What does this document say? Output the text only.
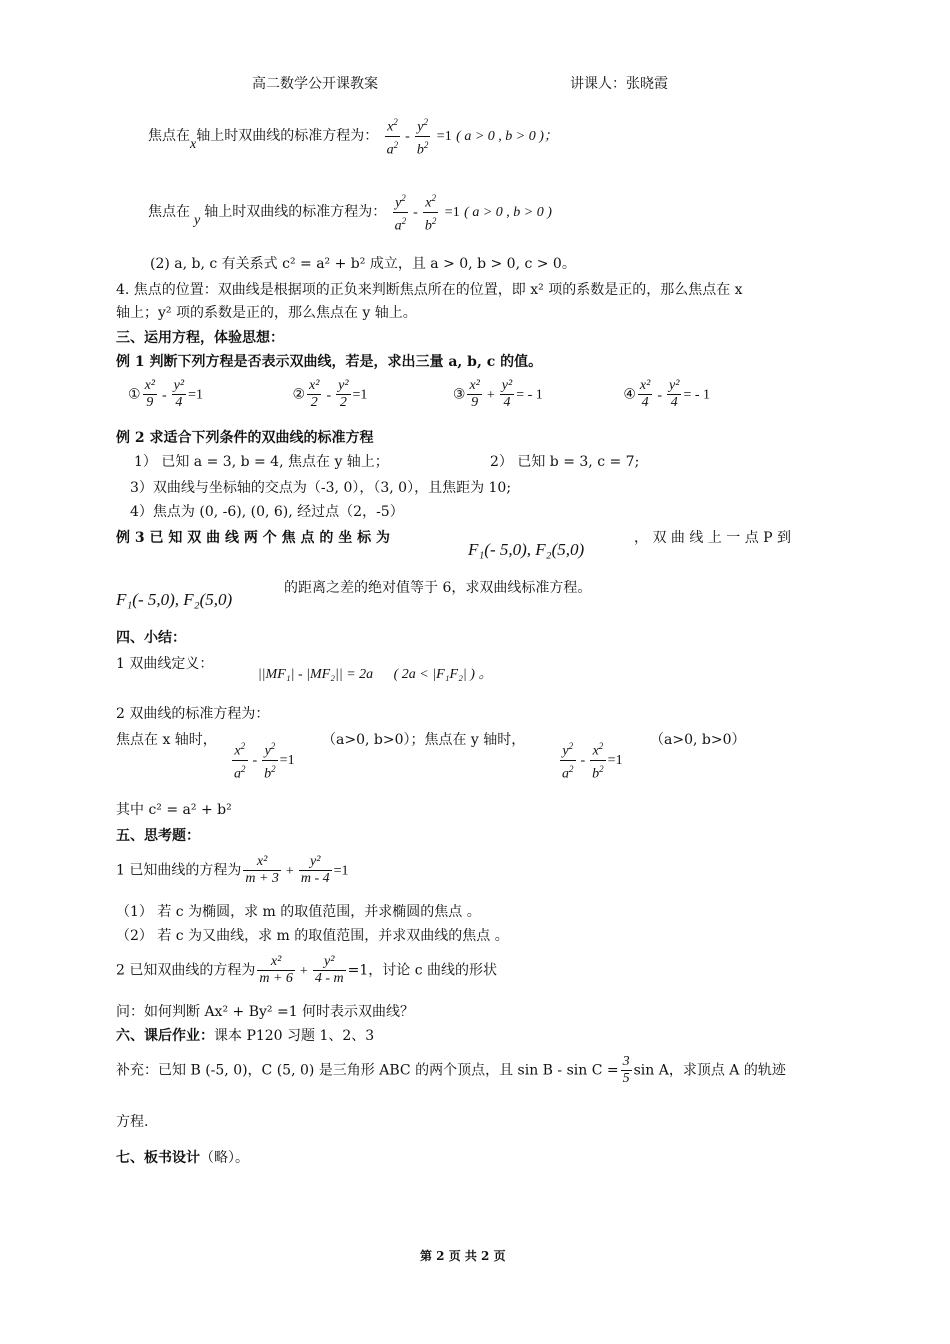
高二数学公开课教案	讲课人：张晓霞
焦点在x轴上时双曲线的标准方程为： $\frac{x^2}{a^2} - \frac{y^2}{b^2} =1$ ( a > 0 , b > 0 )；
焦点在y轴上时双曲线的标准方程为： $\frac{y^2}{a^2} - \frac{x^2}{b^2} =1$ ( a > 0 , b > 0 )
(2) a, b, c 有关系式 c² = a² + b² 成立，且 a > 0, b > 0, c > 0。
4. 焦点的位置：双曲线是根据项的正负来判断焦点所在的位置，即 x² 项的系数是正的，那么焦点在 x
轴上；y² 项的系数是正的，那么焦点在 y 轴上。
三、运用方程，体验思想：
例 1 判断下列方程是否表示双曲线，若是，求出三量 a, b, c 的值。
① $\frac{\text{x²}}{9} - \frac{\text{y²}}{4} =1$	② $\frac{\text{x²}}{2} - \frac{\text{y²}}{2} =1$	③ $\frac{\text{x²}}{9} + \frac{\text{y²}}{4}$ = - 1	④ $\frac{\text{x²}}{4} - \frac{\text{y²}}{4}$ = - 1
例 2 求适合下列条件的双曲线的标准方程
1） 已知 a = 3, b = 4, 焦点在 y 轴上；	2） 已知 b = 3, c = 7;
3）双曲线与坐标轴的交点为（-3, 0），（3, 0），且焦距为 10;
4）焦点为 (0, -6), (0, 6), 经过点（2，-5）
例 3 已 知 双 曲 线 两 个 焦 点 的 坐 标 为
F₁(- 5,0), F₂(5,0)
， 双 曲 线 上 一 点 P 到
F₁(- 5,0), F₂(5,0)
的距离之差的绝对值等于 6，求双曲线标准方程。
四、小结：
1 双曲线定义： ||MF₁| - |MF₂|| = 2a ( 2a < |F₁F₂| ) 。
2 双曲线的标准方程为：
焦点在 x 轴时， $\frac{x^2}{a^2} - \frac{y^2}{b^2} =1$
（a>0, b>0）；焦点在 y 轴时， $\frac{y^2}{a^2} - \frac{x^2}{b^2} =1$
（a>0, b>0）
其中 c² = a² + b²
五、思考题：
1 已知曲线的方程为 $\frac{\text{x²}}{m + 3} + \frac{\text{y²}}{m - 4} =1$
（1） 若 c 为椭圆，求 m 的取值范围，并求椭圆的焦点 。
（2） 若 c 为又曲线，求 m 的取值范围，并求双曲线的焦点 。
2 已知双曲线的方程为 $\frac{\text{x²}}{m + 6} + \frac{\text{y²}}{4 - m} =1$，讨论 c 曲线的形状
问：如何判断 Ax² + By² =1 何时表示双曲线？
六、课后作业：课本 P120 习题 1、2、3
补充：已知 B (-5, 0)，C (5, 0) 是三角形 ABC 的两个顶点，且 $\sin B - \sin C = \frac{3}{5}$ sin A，求顶点 A 的轨迹
方程.
七、板书设计（略）。
第 2 页 共 2 页
